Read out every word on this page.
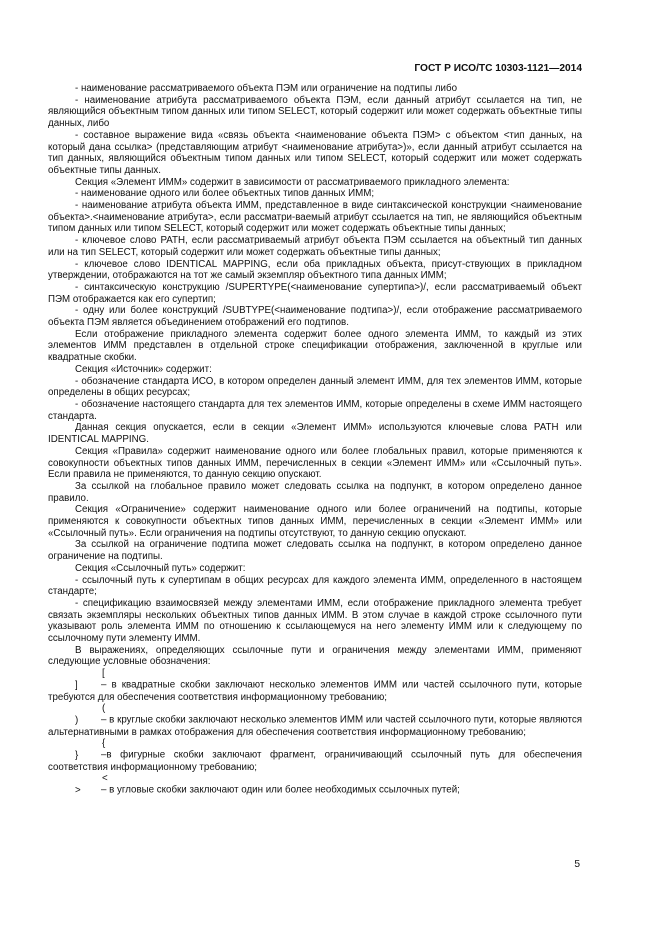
ГОСТ Р ИСО/ТС 10303-1121—2014

- наименование рассматриваемого объекта ПЭМ или ограничение на подтипы либо

- наименование атрибута рассматриваемого объекта ПЭМ, если данный атрибут ссылается на тип, не являющийся объектным типом данных или типом SELECT, который содержит или может содержать объектные типы данных, либо

- составное выражение вида «связь объекта <наименование объекта ПЭМ> с объектом <тип данных, на который дана ссылка> (представляющим атрибут <наименование атрибута>)», если данный атрибут ссылается на тип данных, являющийся объектным типом данных или типом SELECT, который содержит или может содержать объектные типы данных.

Секция «Элемент ИММ» содержит в зависимости от рассматриваемого прикладного элемента:

- наименование одного или более объектных типов данных ИММ;

- наименование атрибута объекта ИММ, представленное в виде синтаксической конструкции <наименование объекта>.<наименование атрибута>, если рассматри-ваемый атрибут ссылается на тип, не являющийся объектным типом данных или типом SELECT, который содержит или может содержать объектные типы данных;

- ключевое слово PATH, если рассматриваемый атрибут объекта ПЭМ ссылается на объектный тип данных или на тип SELECT, который содержит или может содержать объектные типы данных;

- ключевое слово IDENTICAL MAPPING, если оба прикладных объекта, присут-ствующих в прикладном утверждении, отображаются на тот же самый экземпляр объектного типа данных ИММ;

- синтаксическую конструкцию /SUPERTYPE(<наименование супертипа>)/, если рассматриваемый объект ПЭМ отображается как его супертип;

- одну или более конструкций /SUBTYPE(<наименование подтипа>)/, если отображение рассматриваемого объекта ПЭМ является объединением отображений его подтипов.

Если отображение прикладного элемента содержит более одного элемента ИММ, то каждый из этих элементов ИММ представлен в отдельной строке спецификации отображения, заключенной в круглые или квадратные скобки.

Секция «Источник» содержит:

- обозначение стандарта ИСО, в котором определен данный элемент ИММ, для тех элементов ИММ, которые определены в общих ресурсах;

- обозначение настоящего стандарта для тех элементов ИММ, которые определены в схеме ИММ настоящего стандарта.

Данная секция опускается, если в секции «Элемент ИММ» используются ключевые слова PATH или IDENTICAL MAPPING.

Секция «Правила» содержит наименование одного или более глобальных правил, которые применяются к совокупности объектных типов данных ИММ, перечисленных в секции «Элемент ИММ» или «Ссылочный путь». Если правила не применяются, то данную секцию опускают.

За ссылкой на глобальное правило может следовать ссылка на подпункт, в котором определено данное правило.

Секция «Ограничение» содержит наименование одного или более ограничений на подтипы, которые применяются к совокупности объектных типов данных ИММ, перечисленных в секции «Элемент ИММ» или «Ссылочный путь». Если ограничения на подтипы отсутствуют, то данную секцию опускают.

За ссылкой на ограничение подтипа может следовать ссылка на подпункт, в котором определено данное ограничение на подтипы.

Секция «Ссылочный путь» содержит:

- ссылочный путь к супертипам в общих ресурсах для каждого элемента ИММ, определенного в настоящем стандарте;

- спецификацию взаимосвязей между элементами ИММ, если отображение прикладного элемента требует связать экземпляры нескольких объектных типов данных ИММ. В этом случае в каждой строке ссылочного пути указывают роль элемента ИММ по отношению к ссылающемуся на него элементу ИММ или к следующему по ссылочному пути элементу ИММ.

В выражениях, определяющих ссылочные пути и ограничения между элементами ИММ, применяют следующие условные обозначения:

[ ] – в квадратные скобки заключают несколько элементов ИММ или частей ссылочного пути, которые требуются для обеспечения соответствия информационному требованию;

( ) – в круглые скобки заключают несколько элементов ИММ или частей ссылочного пути, которые являются альтернативными в рамках отображения для обеспечения соответствия информационному требованию;

{ } –в фигурные скобки заключают фрагмент, ограничивающий ссылочный путь для обеспечения соответствия информационному требованию;

< > – в угловые скобки заключают один или более необходимых ссылочных путей;

5
